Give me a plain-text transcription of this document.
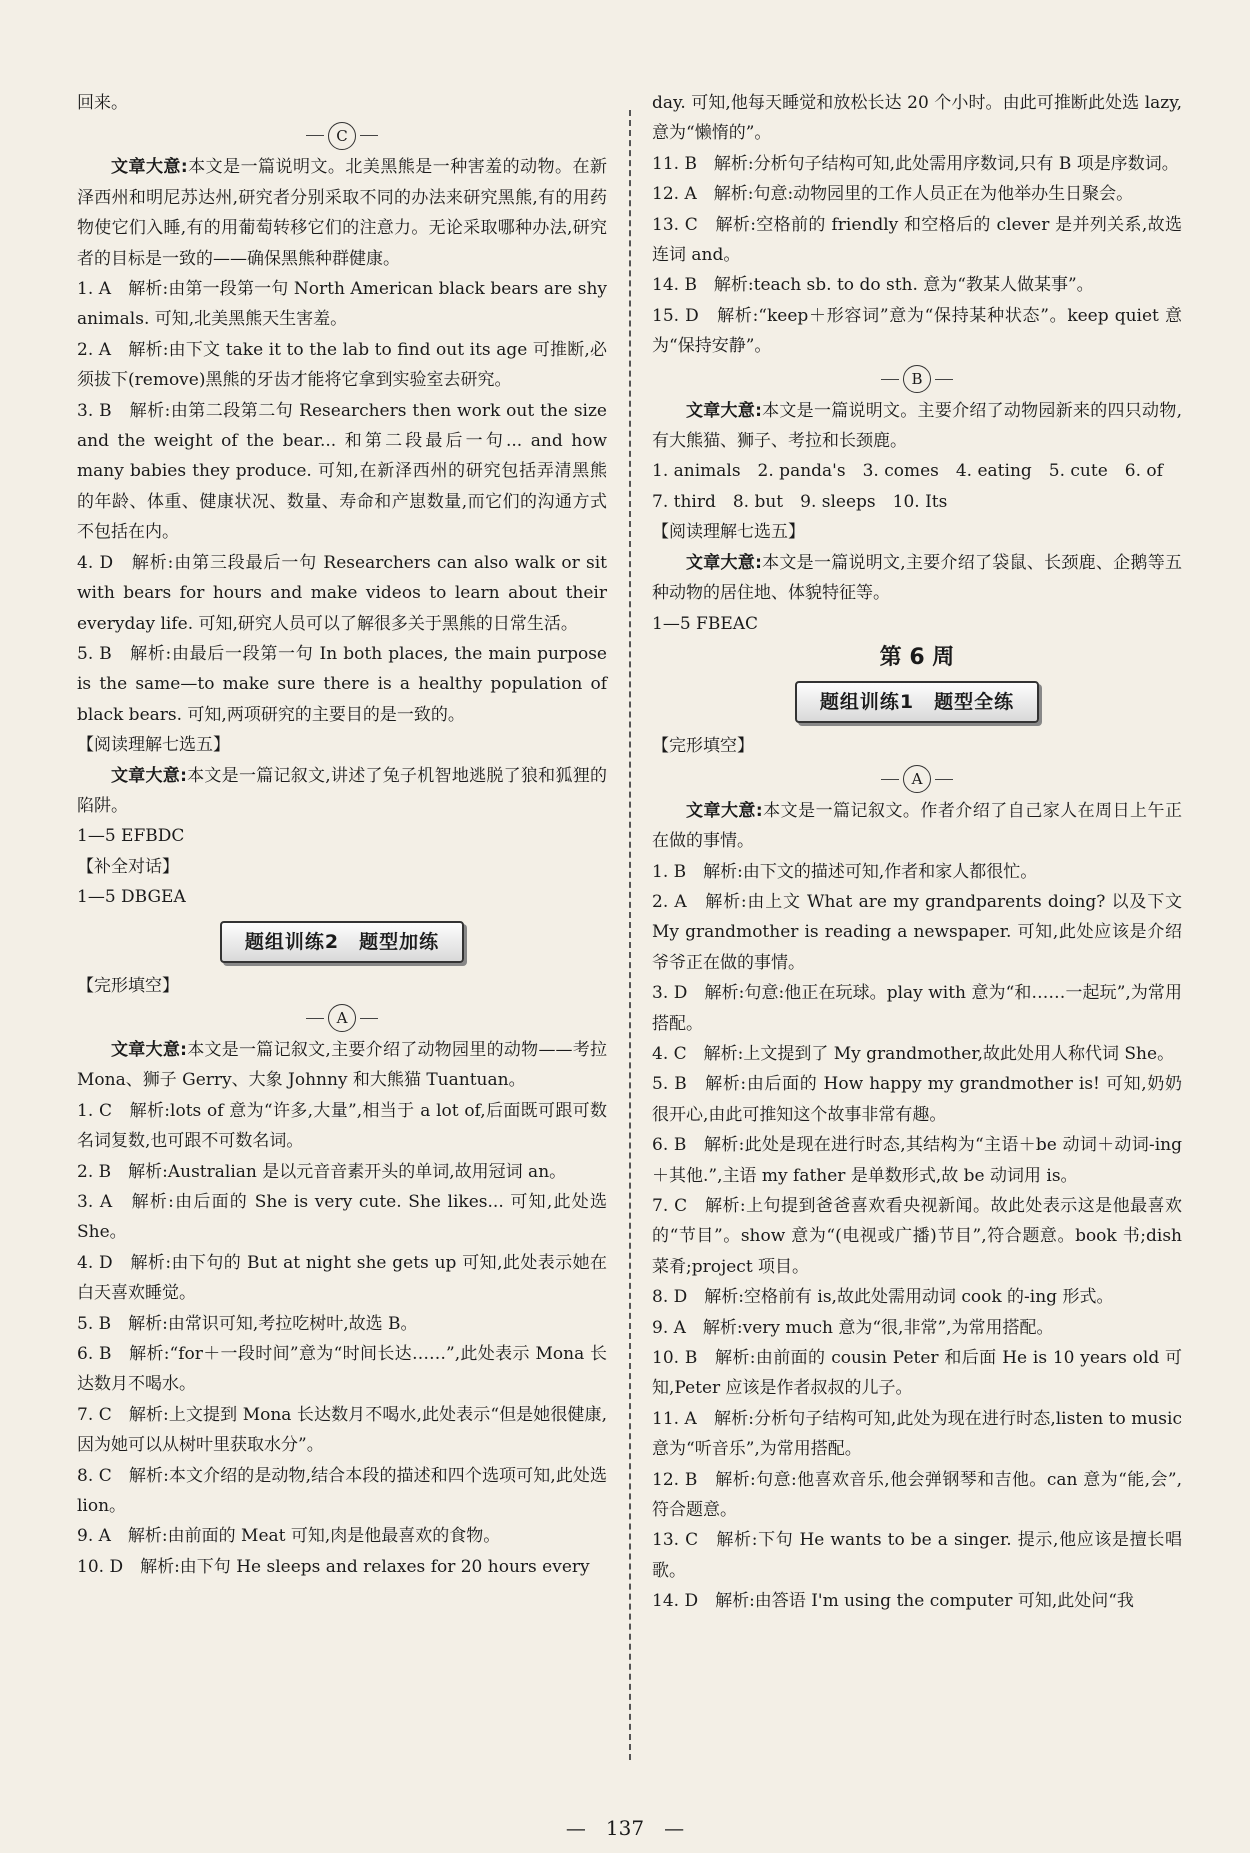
回来。

C

文章大意:本文是一篇说明文。北美黑熊是一种害羞的动物。在新泽西州和明尼苏达州,研究者分别采取不同的办法来研究黑熊,有的用药物使它们入睡,有的用葡萄转移它们的注意力。无论采取哪种办法,研究者的目标是一致的——确保黑熊种群健康。

1. A　解析:由第一段第一句 North American black bears are shy animals. 可知,北美黑熊天生害羞。

2. A　解析:由下文 take it to the lab to find out its age 可推断,必须拔下(remove)黑熊的牙齿才能将它拿到实验室去研究。

3. B　解析:由第二段第二句 Researchers then work out the size and the weight of the bear... 和第二段最后一句... and how many babies they produce. 可知,在新泽西州的研究包括弄清黑熊的年龄、体重、健康状况、数量、寿命和产崽数量,而它们的沟通方式不包括在内。

4. D　解析:由第三段最后一句 Researchers can also walk or sit with bears for hours and make videos to learn about their everyday life. 可知,研究人员可以了解很多关于黑熊的日常生活。

5. B　解析:由最后一段第一句 In both places, the main purpose is the same—to make sure there is a healthy population of black bears. 可知,两项研究的主要目的是一致的。

【阅读理解七选五】

文章大意:本文是一篇记叙文,讲述了兔子机智地逃脱了狼和狐狸的陷阱。

1—5 EFBDC

【补全对话】

1—5 DBGEA

题组训练2　题型加练

【完形填空】

A

文章大意:本文是一篇记叙文,主要介绍了动物园里的动物——考拉 Mona、狮子 Gerry、大象 Johnny 和大熊猫 Tuantuan。

1. C　解析:lots of 意为“许多,大量”,相当于 a lot of,后面既可跟可数名词复数,也可跟不可数名词。

2. B　解析:Australian 是以元音音素开头的单词,故用冠词 an。

3. A　解析:由后面的 She is very cute. She likes... 可知,此处选 She。

4. D　解析:由下句的 But at night she gets up 可知,此处表示她在白天喜欢睡觉。

5. B　解析:由常识可知,考拉吃树叶,故选 B。

6. B　解析:“for＋一段时间”意为“时间长达……”,此处表示 Mona 长达数月不喝水。

7. C　解析:上文提到 Mona 长达数月不喝水,此处表示“但是她很健康,因为她可以从树叶里获取水分”。

8. C　解析:本文介绍的是动物,结合本段的描述和四个选项可知,此处选 lion。

9. A　解析:由前面的 Meat 可知,肉是他最喜欢的食物。

10. D　解析:由下句 He sleeps and relaxes for 20 hours every

day. 可知,他每天睡觉和放松长达 20 个小时。由此可推断此处选 lazy,意为“懒惰的”。

11. B　解析:分析句子结构可知,此处需用序数词,只有 B 项是序数词。

12. A　解析:句意:动物园里的工作人员正在为他举办生日聚会。

13. C　解析:空格前的 friendly 和空格后的 clever 是并列关系,故选连词 and。

14. B　解析:teach sb. to do sth. 意为“教某人做某事”。

15. D　解析:“keep＋形容词”意为“保持某种状态”。keep quiet 意为“保持安静”。

B

文章大意:本文是一篇说明文。主要介绍了动物园新来的四只动物,有大熊猫、狮子、考拉和长颈鹿。

1. animals　2. panda's　3. comes　4. eating　5. cute　6. of

7. third　8. but　9. sleeps　10. Its

【阅读理解七选五】

文章大意:本文是一篇说明文,主要介绍了袋鼠、长颈鹿、企鹅等五种动物的居住地、体貌特征等。

1—5 FBEAC

第 6 周
题组训练1　题型全练

【完形填空】

A

文章大意:本文是一篇记叙文。作者介绍了自己家人在周日上午正在做的事情。

1. B　解析:由下文的描述可知,作者和家人都很忙。

2. A　解析:由上文 What are my grandparents doing? 以及下文 My grandmother is reading a newspaper. 可知,此处应该是介绍爷爷正在做的事情。

3. D　解析:句意:他正在玩球。play with 意为“和……一起玩”,为常用搭配。

4. C　解析:上文提到了 My grandmother,故此处用人称代词 She。

5. B　解析:由后面的 How happy my grandmother is! 可知,奶奶很开心,由此可推知这个故事非常有趣。

6. B　解析:此处是现在进行时态,其结构为“主语＋be 动词＋动词-ing＋其他.”,主语 my father 是单数形式,故 be 动词用 is。

7. C　解析:上句提到爸爸喜欢看央视新闻。故此处表示这是他最喜欢的“节目”。show 意为“(电视或广播)节目”,符合题意。book 书;dish 菜肴;project 项目。

8. D　解析:空格前有 is,故此处需用动词 cook 的-ing 形式。

9. A　解析:very much 意为“很,非常”,为常用搭配。

10. B　解析:由前面的 cousin Peter 和后面 He is 10 years old 可知,Peter 应该是作者叔叔的儿子。

11. A　解析:分析句子结构可知,此处为现在进行时态,listen to music 意为“听音乐”,为常用搭配。

12. B　解析:句意:他喜欢音乐,他会弹钢琴和吉他。can 意为“能,会”,符合题意。

13. C　解析:下句 He wants to be a singer. 提示,他应该是擅长唱歌。

14. D　解析:由答语 I'm using the computer 可知,此处问“我

—　137　—
